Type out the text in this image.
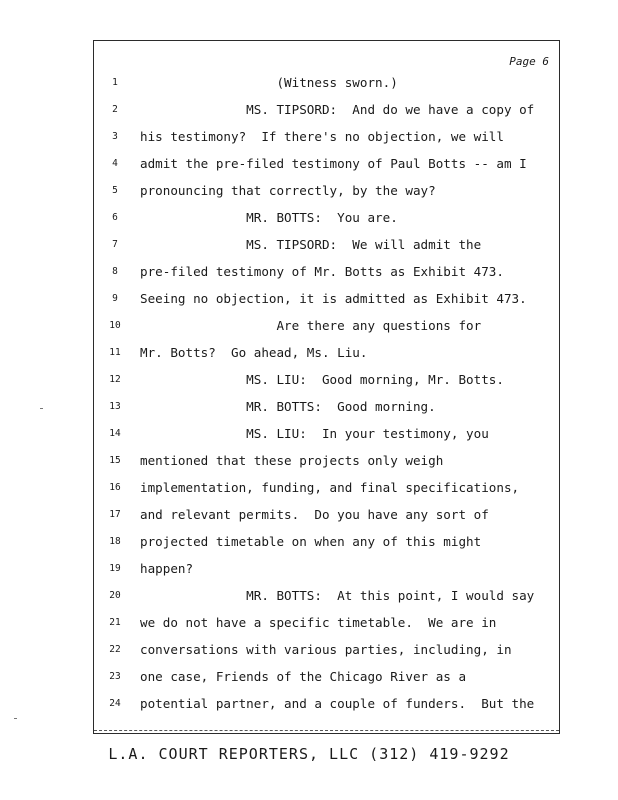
Page 6
1	(Witness sworn.)
2	MS. TIPSORD:  And do we have a copy of
3	his testimony?  If there's no objection, we will
4	admit the pre-filed testimony of Paul Botts -- am I
5	pronouncing that correctly, by the way?
6	MR. BOTTS:  You are.
7	MS. TIPSORD:  We will admit the
8	pre-filed testimony of Mr. Botts as Exhibit 473.
9	Seeing no objection, it is admitted as Exhibit 473.
10	Are there any questions for
11	Mr. Botts?  Go ahead, Ms. Liu.
12	MS. LIU:  Good morning, Mr. Botts.
13	MR. BOTTS:  Good morning.
14	MS. LIU:  In your testimony, you
15	mentioned that these projects only weigh
16	implementation, funding, and final specifications,
17	and relevant permits.  Do you have any sort of
18	projected timetable on when any of this might
19	happen?
20	MR. BOTTS:  At this point, I would say
21	we do not have a specific timetable.  We are in
22	conversations with various parties, including, in
23	one case, Friends of the Chicago River as a
24	potential partner, and a couple of funders.  But the
L.A. COURT REPORTERS, LLC (312) 419-9292
